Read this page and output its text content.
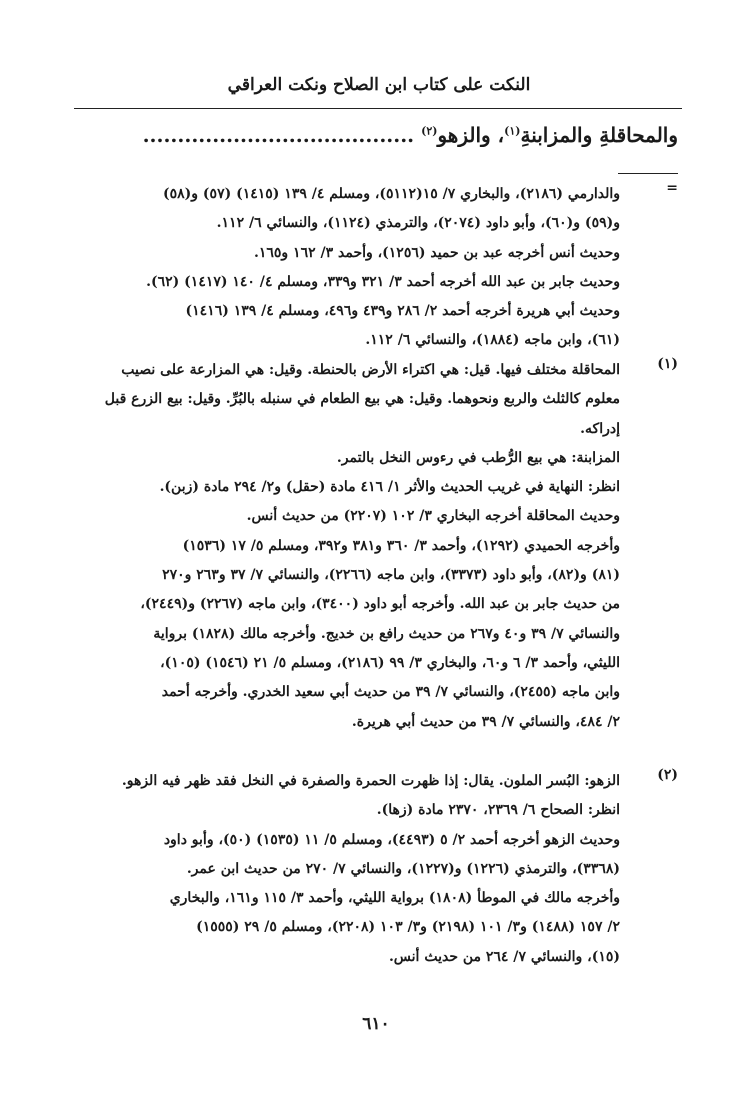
النكت على كتاب ابن الصلاح ونكت العراقي
والمحاقلةِ والمزابنةِ$^{(١)}$، والزهوِ$^{(٢)}$ .......................................
=
والدارمي (٢١٨٦)، والبخاري ٧/ ١٥(٥١١٢)، ومسلم ٤/ ١٣٩ (١٤١٥) (٥٧) و(٥٨)
و(٥٩) و(٦٠)، وأبو داود (٢٠٧٤)، والترمذي (١١٢٤)، والنسائي ٦/ ١١٢.
وحديث أنس أخرجه عبد بن حميد (١٢٥٦)، وأحمد ٣/ ١٦٢ و١٦٥.
وحديث جابر بن عبد الله أخرجه أحمد ٣/ ٣٢١ و٣٣٩، ومسلم ٤/ ١٤٠ (١٤١٧) (٦٢).
وحديث أبي هريرة أخرجه أحمد ٢/ ٢٨٦ و٤٣٩ و٤٩٦، ومسلم ٤/ ١٣٩ (١٤١٦)
(٦١)، وابن ماجه (١٨٨٤)، والنسائي ٦/ ١١٢.
(١)
المحاقلة مختلف فيها. قيل: هي اكتراء الأرض بالحنطة. وقيل: هي المزارعة على نصيب
معلوم كالثلث والربع ونحوهما. وقيل: هي بيع الطعام في سنبله بالبُرِّ. وقيل: بيع الزرع قبل
إدراكه.
المزابنة: هي بيع الرُّطب في رءوس النخل بالتمر.
انظر: النهاية في غريب الحديث والأثر ١/ ٤١٦ مادة (حقل) و٢/ ٢٩٤ مادة (زبن).
وحديث المحاقلة أخرجه البخاري ٣/ ١٠٢ (٢٢٠٧) من حديث أنس.
وأخرجه الحميدي (١٢٩٢)، وأحمد ٣/ ٣٦٠ و٣٨١ و٣٩٢، ومسلم ٥/ ١٧ (١٥٣٦)
(٨١) و(٨٢)، وأبو داود (٣٣٧٣)، وابن ماجه (٢٢٦٦)، والنسائي ٧/ ٣٧ و٢٦٣ و٢٧٠
من حديث جابر بن عبد الله. وأخرجه أبو داود (٣٤٠٠)، وابن ماجه (٢٢٦٧) و(٢٤٤٩)،
والنسائي ٧/ ٣٩ و٤٠ و٢٦٧ من حديث رافع بن خديج. وأخرجه مالك (١٨٢٨) برواية
الليثي، وأحمد ٣/ ٦ و٦٠، والبخاري ٣/ ٩٩ (٢١٨٦)، ومسلم ٥/ ٢١ (١٥٤٦) (١٠٥)،
وابن ماجه (٢٤٥٥)، والنسائي ٧/ ٣٩ من حديث أبي سعيد الخدري. وأخرجه أحمد
٢/ ٤٨٤، والنسائي ٧/ ٣٩ من حديث أبي هريرة.
(٢)
الزهو: البُسر الملون. يقال: إذا ظهرت الحمرة والصفرة في النخل فقد ظهر فيه الزهو.
انظر: الصحاح ٦/ ٢٣٦٩، ٢٣٧٠ مادة (زها).
وحديث الزهو أخرجه أحمد ٢/ ٥ (٤٤٩٣)، ومسلم ٥/ ١١ (١٥٣٥) (٥٠)، وأبو داود
(٣٣٦٨)، والترمذي (١٢٢٦) و(١٢٢٧)، والنسائي ٧/ ٢٧٠ من حديث ابن عمر.
وأخرجه مالك في الموطأ (١٨٠٨) برواية الليثي، وأحمد ٣/ ١١٥ و١٦١، والبخاري
٢/ ١٥٧ (١٤٨٨) و٣/ ١٠١ (٢١٩٨) و٣/ ١٠٣ (٢٢٠٨)، ومسلم ٥/ ٢٩ (١٥٥٥)
(١٥)، والنسائي ٧/ ٢٦٤ من حديث أنس.
٦١٠
